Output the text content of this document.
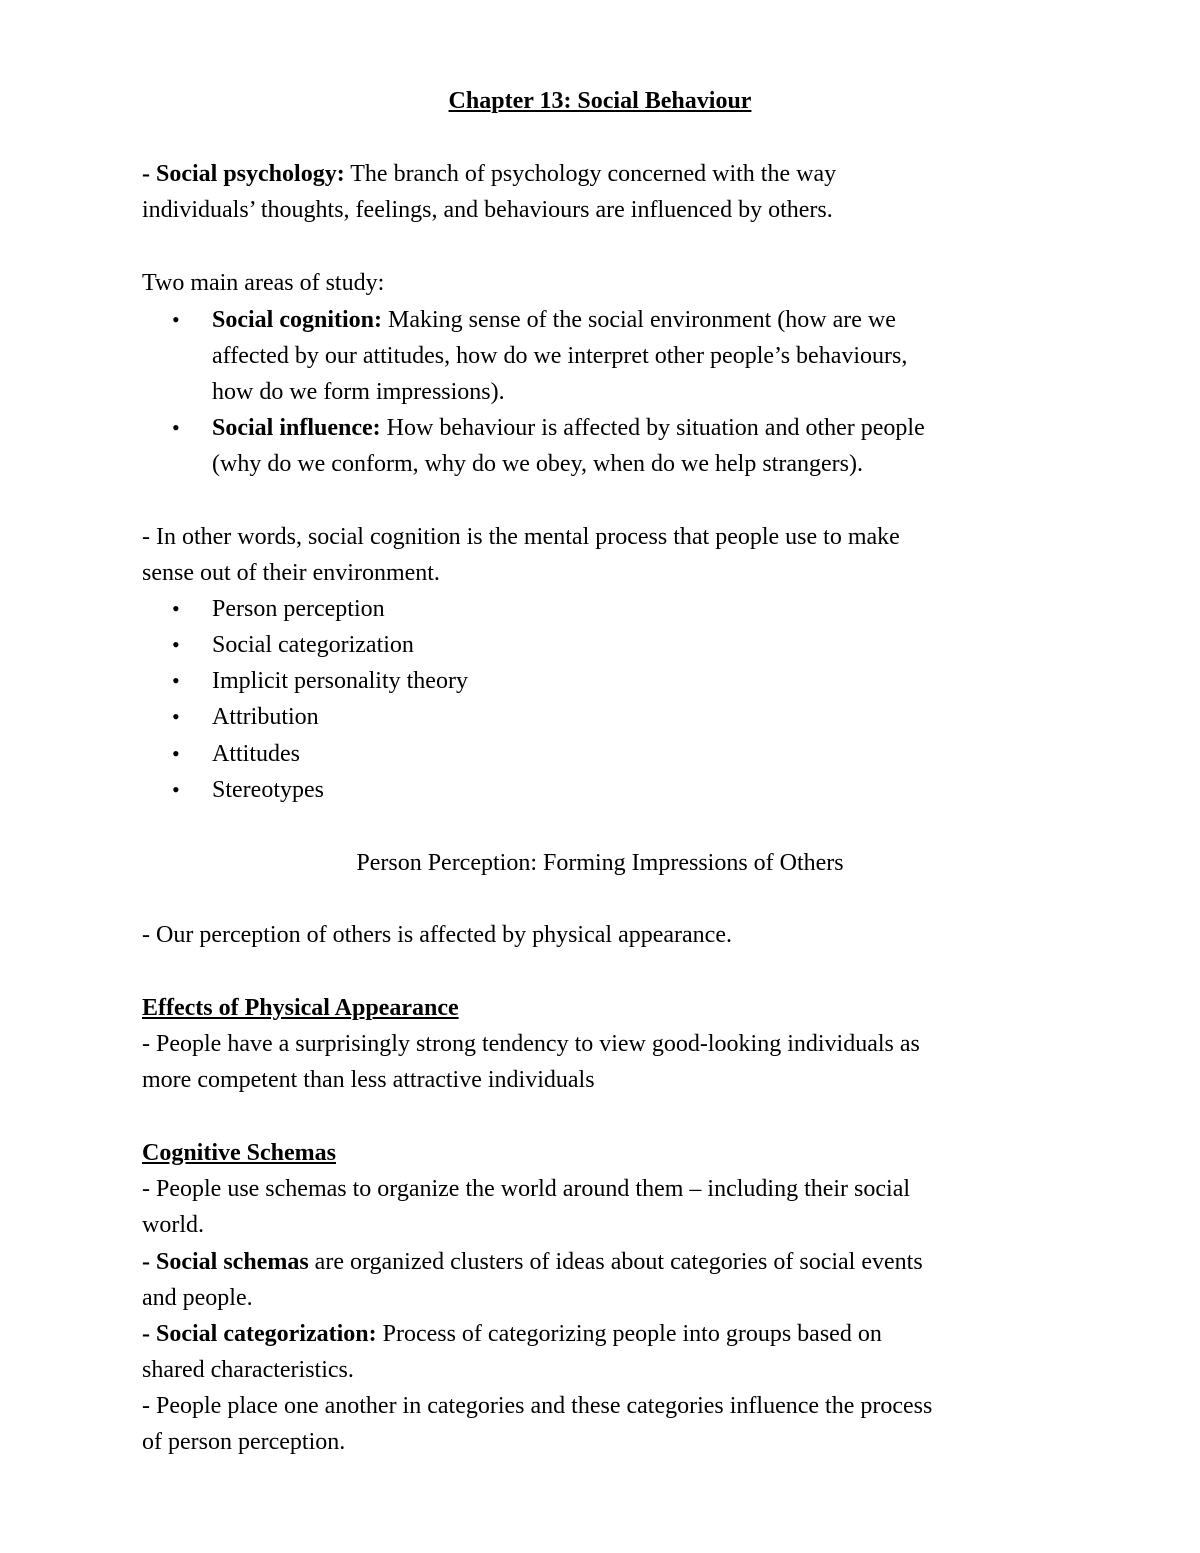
Chapter 13: Social Behaviour
- Social psychology: The branch of psychology concerned with the way
individuals’ thoughts, feelings, and behaviours are influenced by others.
Two main areas of study:
•	Social cognition: Making sense of the social environment (how are we
affected by our attitudes, how do we interpret other people’s behaviours,
how do we form impressions).
•	Social influence: How behaviour is affected by situation and other people
(why do we conform, why do we obey, when do we help strangers).
- In other words, social cognition is the mental process that people use to make
sense out of their environment.
•	Person perception
•	Social categorization
•	Implicit personality theory
•	Attribution
•	Attitudes
•	Stereotypes
Person Perception: Forming Impressions of Others
- Our perception of others is affected by physical appearance.
Effects of Physical Appearance
- People have a surprisingly strong tendency to view good-looking individuals as
more competent than less attractive individuals
Cognitive Schemas
- People use schemas to organize the world around them – including their social
world.
- Social schemas are organized clusters of ideas about categories of social events
and people.
- Social categorization: Process of categorizing people into groups based on
shared characteristics.
- People place one another in categories and these categories influence the process
of person perception.
